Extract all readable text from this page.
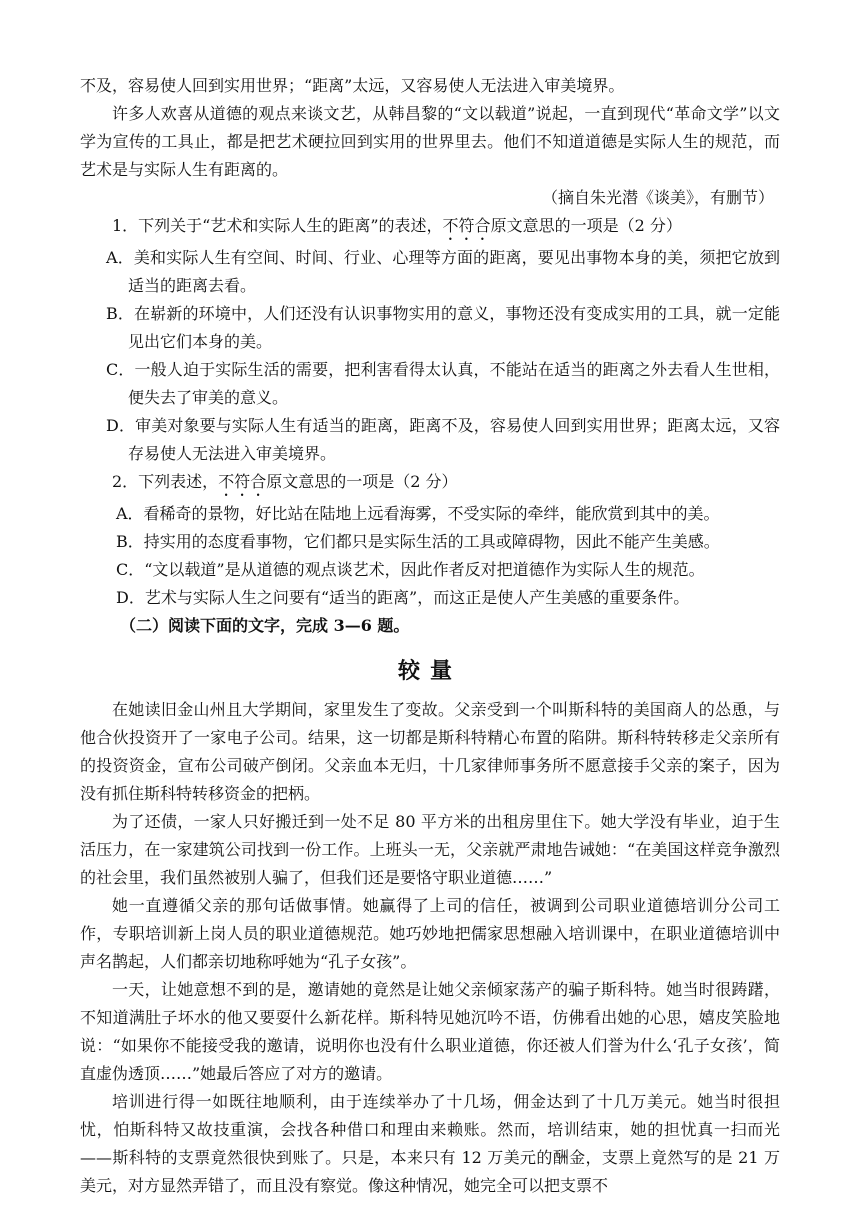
不及，容易使人回到实用世界；“距离”太远，又容易使人无法进入审美境界。

许多人欢喜从道德的观点来谈文艺，从韩昌黎的“文以载道”说起，一直到现代“革命文学”以文学为宣传的工具止，都是把艺术硬拉回到实用的世界里去。他们不知道道德是实际人生的规范，而艺术是与实际人生有距离的。

（摘自朱光潜《谈美》，有删节）

1．下列关于“艺术和实际人生的距离”的表述，不符合原文意思的一项是（2 分）

A．美和实际人生有空间、时间、行业、心理等方面的距离，要见出事物本身的美，须把它放到适当的距离去看。

B．在崭新的环境中，人们还没有认识事物实用的意义，事物还没有变成实用的工具，就一定能见出它们本身的美。

C．一般人迫于实际生活的需要，把利害看得太认真，不能站在适当的距离之外去看人生世相，便失去了审美的意义。

D．审美对象要与实际人生有适当的距离，距离不及，容易使人回到实用世界；距离太远，又容存易使人无法进入审美境界。

2．下列表述，不符合原文意思的一项是（2 分）

A．看稀奇的景物，好比站在陆地上远看海雾，不受实际的牵绊，能欣赏到其中的美。

B．持实用的态度看事物，它们都只是实际生活的工具或障碍物，因此不能产生美感。

C．“文以载道”是从道德的观点谈艺术，因此作者反对把道德作为实际人生的规范。

D．艺术与实际人生之问要有“适当的距离”，而这正是使人产生美感的重要条件。

（二）阅读下面的文字，完成 3—6 题。

较量

在她读旧金山州且大学期间，家里发生了变故。父亲受到一个叫斯科特的美国商人的怂恿，与他合伙投资开了一家电子公司。结果，这一切都是斯科特精心布置的陷阱。斯科特转移走父亲所有的投资资金，宣布公司破产倒闭。父亲血本无归，十几家律师事务所不愿意接手父亲的案子，因为没有抓住斯科特转移资金的把柄。

为了还债，一家人只好搬迁到一处不足 80 平方米的出租房里住下。她大学没有毕业，迫于生活压力，在一家建筑公司找到一份工作。上班头一无，父亲就严肃地告诫她：“在美国这样竞争激烈的社会里，我们虽然被别人骗了，但我们还是要恪守职业道德……”

她一直遵循父亲的那句话做事情。她赢得了上司的信任，被调到公司职业道德培训分公司工作，专职培训新上岗人员的职业道德规范。她巧妙地把儒家思想融入培训课中，在职业道德培训中声名鹊起，人们都亲切地称呼她为“孔子女孩”。

一天，让她意想不到的是，邀请她的竟然是让她父亲倾家荡产的骗子斯科特。她当时很踌躇，不知道满肚子坏水的他又要耍什么新花样。斯科特见她沉吟不语，仿佛看出她的心思，嬉皮笑脸地说：“如果你不能接受我的邀请，说明你也没有什么职业道德，你还被人们誉为什么‘孔子女孩’，简直虚伪透顶……”她最后答应了对方的邀请。

培训进行得一如既往地顺利，由于连续举办了十几场，佣金达到了十几万美元。她当时很担忧，怕斯科特又故技重演，会找各种借口和理由来赖账。然而，培训结束，她的担忧真一扫而光——斯科特的支票竟然很快到账了。只是，本来只有 12 万美元的酬金，支票上竟然写的是 21 万美元，对方显然弄错了，而且没有察觉。像这种情况，她完全可以把支票不
